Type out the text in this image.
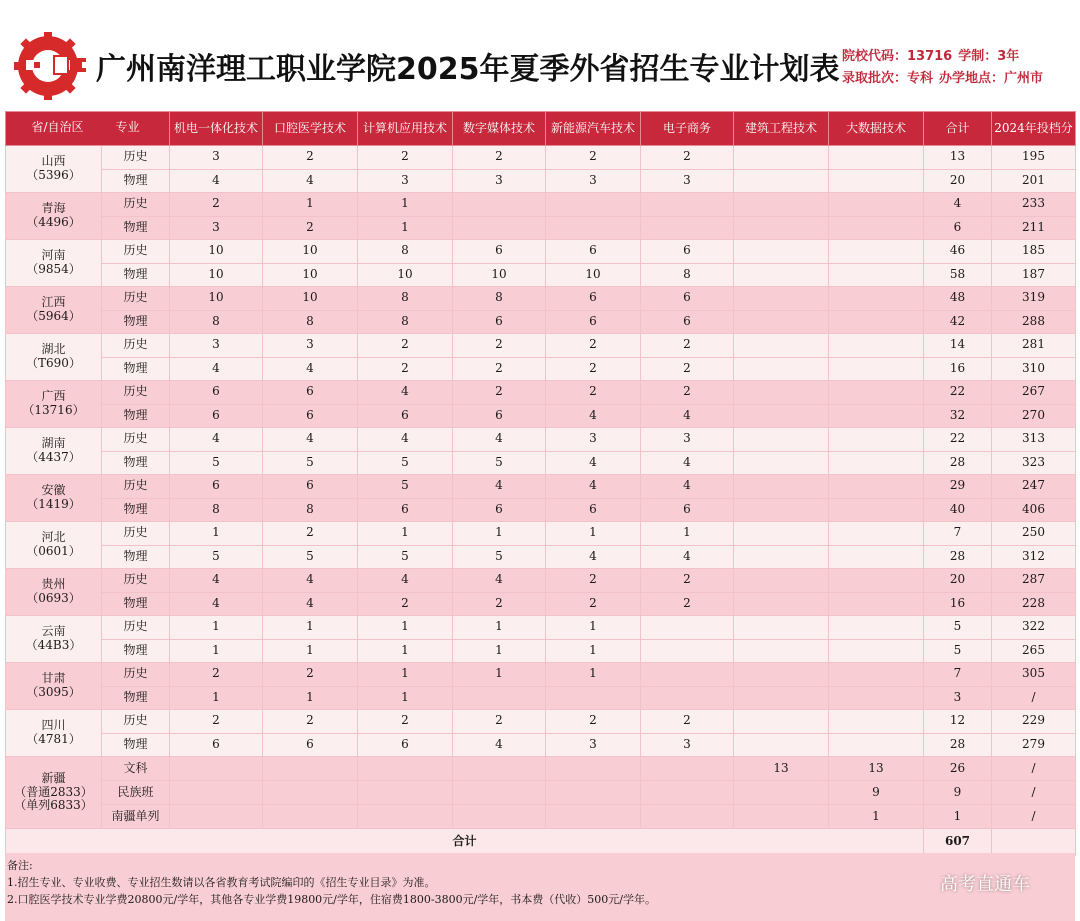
广州南洋理工职业学院2025年夏季外省招生专业计划表 院校代码：13716 学制：3年
录取批次：专科 办学地点：广州市
省/自治区 专业		机电一体化技术	口腔医学技术	计算机应用技术	数字媒体技术	新能源汽车技术	电子商务	建筑工程技术	大数据技术	合计	2024年投档分

山西
（5396）	历史	3	2	2	2	2	2			13	195
	物理	4	4	3	3	3	3			20	201

青海
（4496）	历史	2	1	1						4	233
	物理	3	2	1						6	211

河南
（9854）	历史	10	10	8	6	6	6			46	185
	物理	10	10	10	10	10	8			58	187

江西
（5964）	历史	10	10	8	8	6	6			48	319
	物理	8	8	8	6	6	6			42	288

湖北
（T690）	历史	3	3	2	2	2	2			14	281
	物理	4	4	2	2	2	2			16	310

广西
（13716）	历史	6	6	4	2	2	2			22	267
	物理	6	6	6	6	4	4			32	270

湖南
（4437）	历史	4	4	4	4	3	3			22	313
	物理	5	5	5	5	4	4			28	323

安徽
（1419）	历史	6	6	5	4	4	4			29	247
	物理	8	8	6	6	6	6			40	406

河北
（0601）	历史	1	2	1	1	1	1			7	250
	物理	5	5	5	5	4	4			28	312

贵州
（0693）	历史	4	4	4	4	2	2			20	287
	物理	4	4	2	2	2	2			16	228

云南
（44B3）	历史	1	1	1	1	1				5	322
	物理	1	1	1	1	1				5	265

甘肃
（3095）	历史	2	2	1	1	1				7	305
	物理	1	1	1						3	/

四川
（4781）	历史	2	2	2	2	2	2			12	229
	物理	6	6	6	4	3	3			28	279

新疆
（普通2833）
（单列6833）	文科							13	13	26	/
	民族班								9	9	/
	南疆单列								1	1	/
合计										607	
备注:
1.招生专业、专业收费、专业招生数请以各省教育考试院编印的《招生专业目录》为准。
2.口腔医学技术专业学费20800元/学年，其他各专业学费19800元/学年，住宿费1800-3800元/学年，书本费（代收）500元/学年。
高考直通车
